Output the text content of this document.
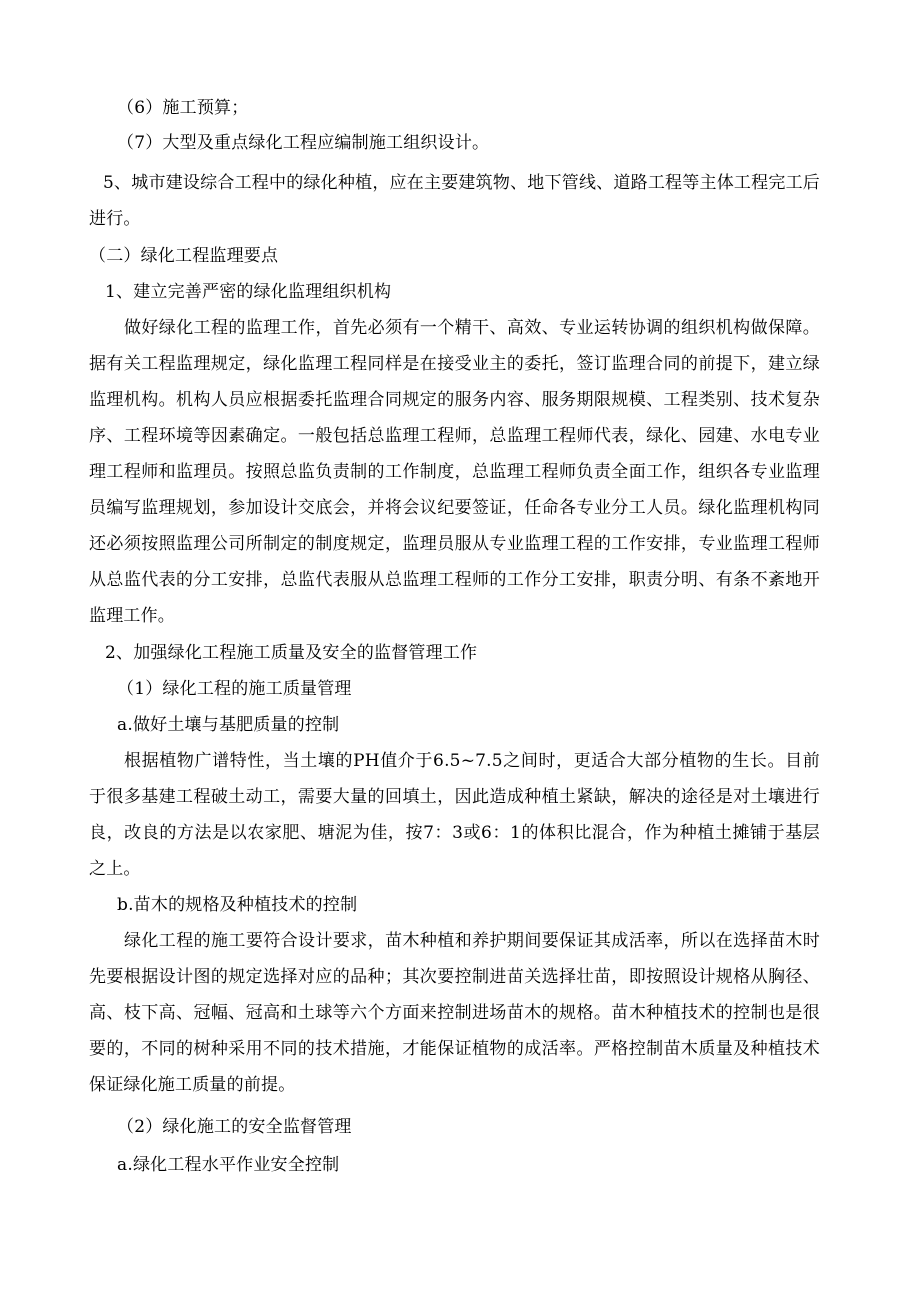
（6）施工预算；
（7）大型及重点绿化工程应编制施工组织设计。
5、城市建设综合工程中的绿化种植，应在主要建筑物、地下管线、道路工程等主体工程完工后
进行。
（二）绿化工程监理要点
1、建立完善严密的绿化监理组织机构
做好绿化工程的监理工作，首先必须有一个精干、高效、专业运转协调的组织机构做保障。
据有关工程监理规定，绿化监理工程同样是在接受业主的委托，签订监理合同的前提下，建立绿
监理机构。机构人员应根据委托监理合同规定的服务内容、服务期限规模、工程类别、技术复杂
序、工程环境等因素确定。一般包括总监理工程师，总监理工程师代表，绿化、园建、水电专业
理工程师和监理员。按照总监负责制的工作制度，总监理工程师负责全面工作，组织各专业监理
员编写监理规划，参加设计交底会，并将会议纪要签证，任命各专业分工人员。绿化监理机构同
还必须按照监理公司所制定的制度规定，监理员服从专业监理工程的工作安排，专业监理工程师
从总监代表的分工安排，总监代表服从总监理工程师的工作分工安排，职责分明、有条不紊地开
监理工作。
2、加强绿化工程施工质量及安全的监督管理工作
（1）绿化工程的施工质量管理
a.做好土壤与基肥质量的控制
根据植物广谱特性，当土壤的PH值介于6.5~7.5之间时，更适合大部分植物的生长。目前
于很多基建工程破土动工，需要大量的回填土，因此造成种植土紧缺，解决的途径是对土壤进行
良，改良的方法是以农家肥、塘泥为佳，按7：3或6：1的体积比混合，作为种植土摊铺于基层
之上。
b.苗木的规格及种植技术的控制
绿化工程的施工要符合设计要求，苗木种植和养护期间要保证其成活率，所以在选择苗木时
先要根据设计图的规定选择对应的品种；其次要控制进苗关选择壮苗，即按照设计规格从胸径、
高、枝下高、冠幅、冠高和土球等六个方面来控制进场苗木的规格。苗木种植技术的控制也是很
要的，不同的树种采用不同的技术措施，才能保证植物的成活率。严格控制苗木质量及种植技术
保证绿化施工质量的前提。
（2）绿化施工的安全监督管理
a.绿化工程水平作业安全控制
